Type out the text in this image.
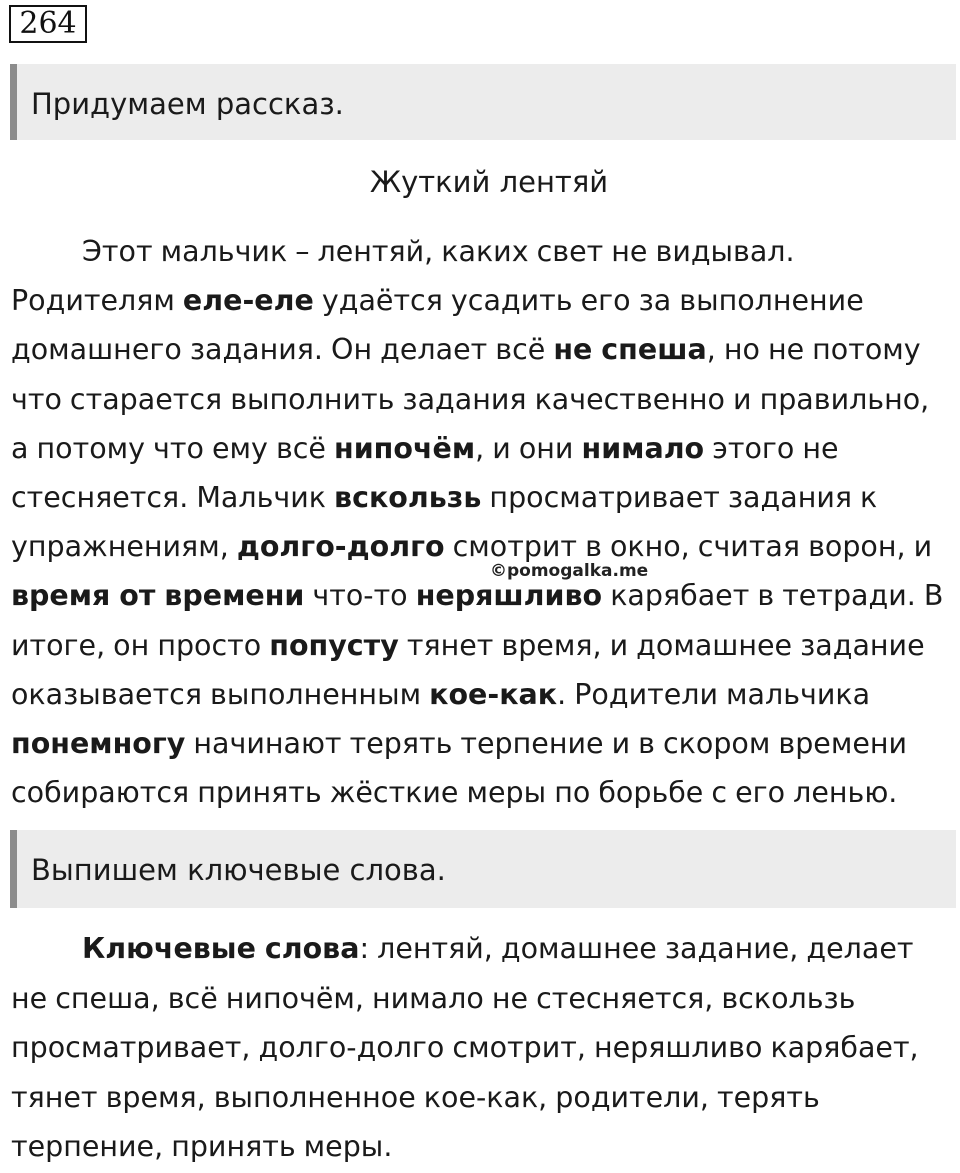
264
Придумаем рассказ.
Жуткий лентяй
Этот мальчик – лентяй, каких свет не видывал.
Родителям еле-еле удаётся усадить его за выполнение
домашнего задания. Он делает всё не спеша, но не потому
что старается выполнить задания качественно и правильно,
а потому что ему всё нипочём, и они нимало этого не
стесняется. Мальчик вскользь просматривает задания к
упражнениям, долго-долго смотрит в окно, считая ворон, и
время от времени что-то неряшливо карябает в тетради. В
итоге, он просто попусту тянет время, и домашнее задание
оказывается выполненным кое-как. Родители мальчика
понемногу начинают терять терпение и в скором времени
собираются принять жёсткие меры по борьбе с его ленью.
©pomogalka.me
Выпишем ключевые слова.
Ключевые слова: лентяй, домашнее задание, делает
не спеша, всё нипочём, нимало не стесняется, вскользь
просматривает, долго-долго смотрит, неряшливо карябает,
тянет время, выполненное кое-как, родители, терять
терпение, принять меры.
